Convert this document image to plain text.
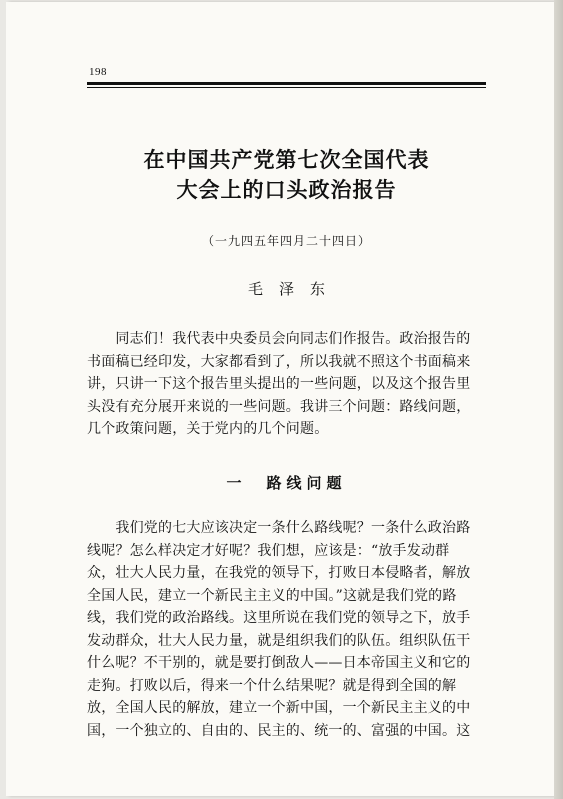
198
在中国共产党第七次全国代表
大会上的口头政治报告
（一九四五年四月二十四日）
毛泽东
　　同志们！我代表中央委员会向同志们作报告。政治报告的
书面稿已经印发，大家都看到了，所以我就不照这个书面稿来
讲，只讲一下这个报告里头提出的一些问题，以及这个报告里
头没有充分展开来说的一些问题。我讲三个问题：路线问题，
几个政策问题，关于党内的几个问题。
一　路线问题
　　我们党的七大应该决定一条什么路线呢？一条什么政治路
线呢？怎么样决定才好呢？我们想，应该是：“放手发动群
众，壮大人民力量，在我党的领导下，打败日本侵略者，解放
全国人民，建立一个新民主主义的中国。”这就是我们党的路
线，我们党的政治路线。这里所说在我们党的领导之下，放手
发动群众，壮大人民力量，就是组织我们的队伍。组织队伍干
什么呢？不干别的，就是要打倒敌人——日本帝国主义和它的
走狗。打败以后，得来一个什么结果呢？就是得到全国的解
放，全国人民的解放，建立一个新中国，一个新民主主义的中
国，一个独立的、自由的、民主的、统一的、富强的中国。这
